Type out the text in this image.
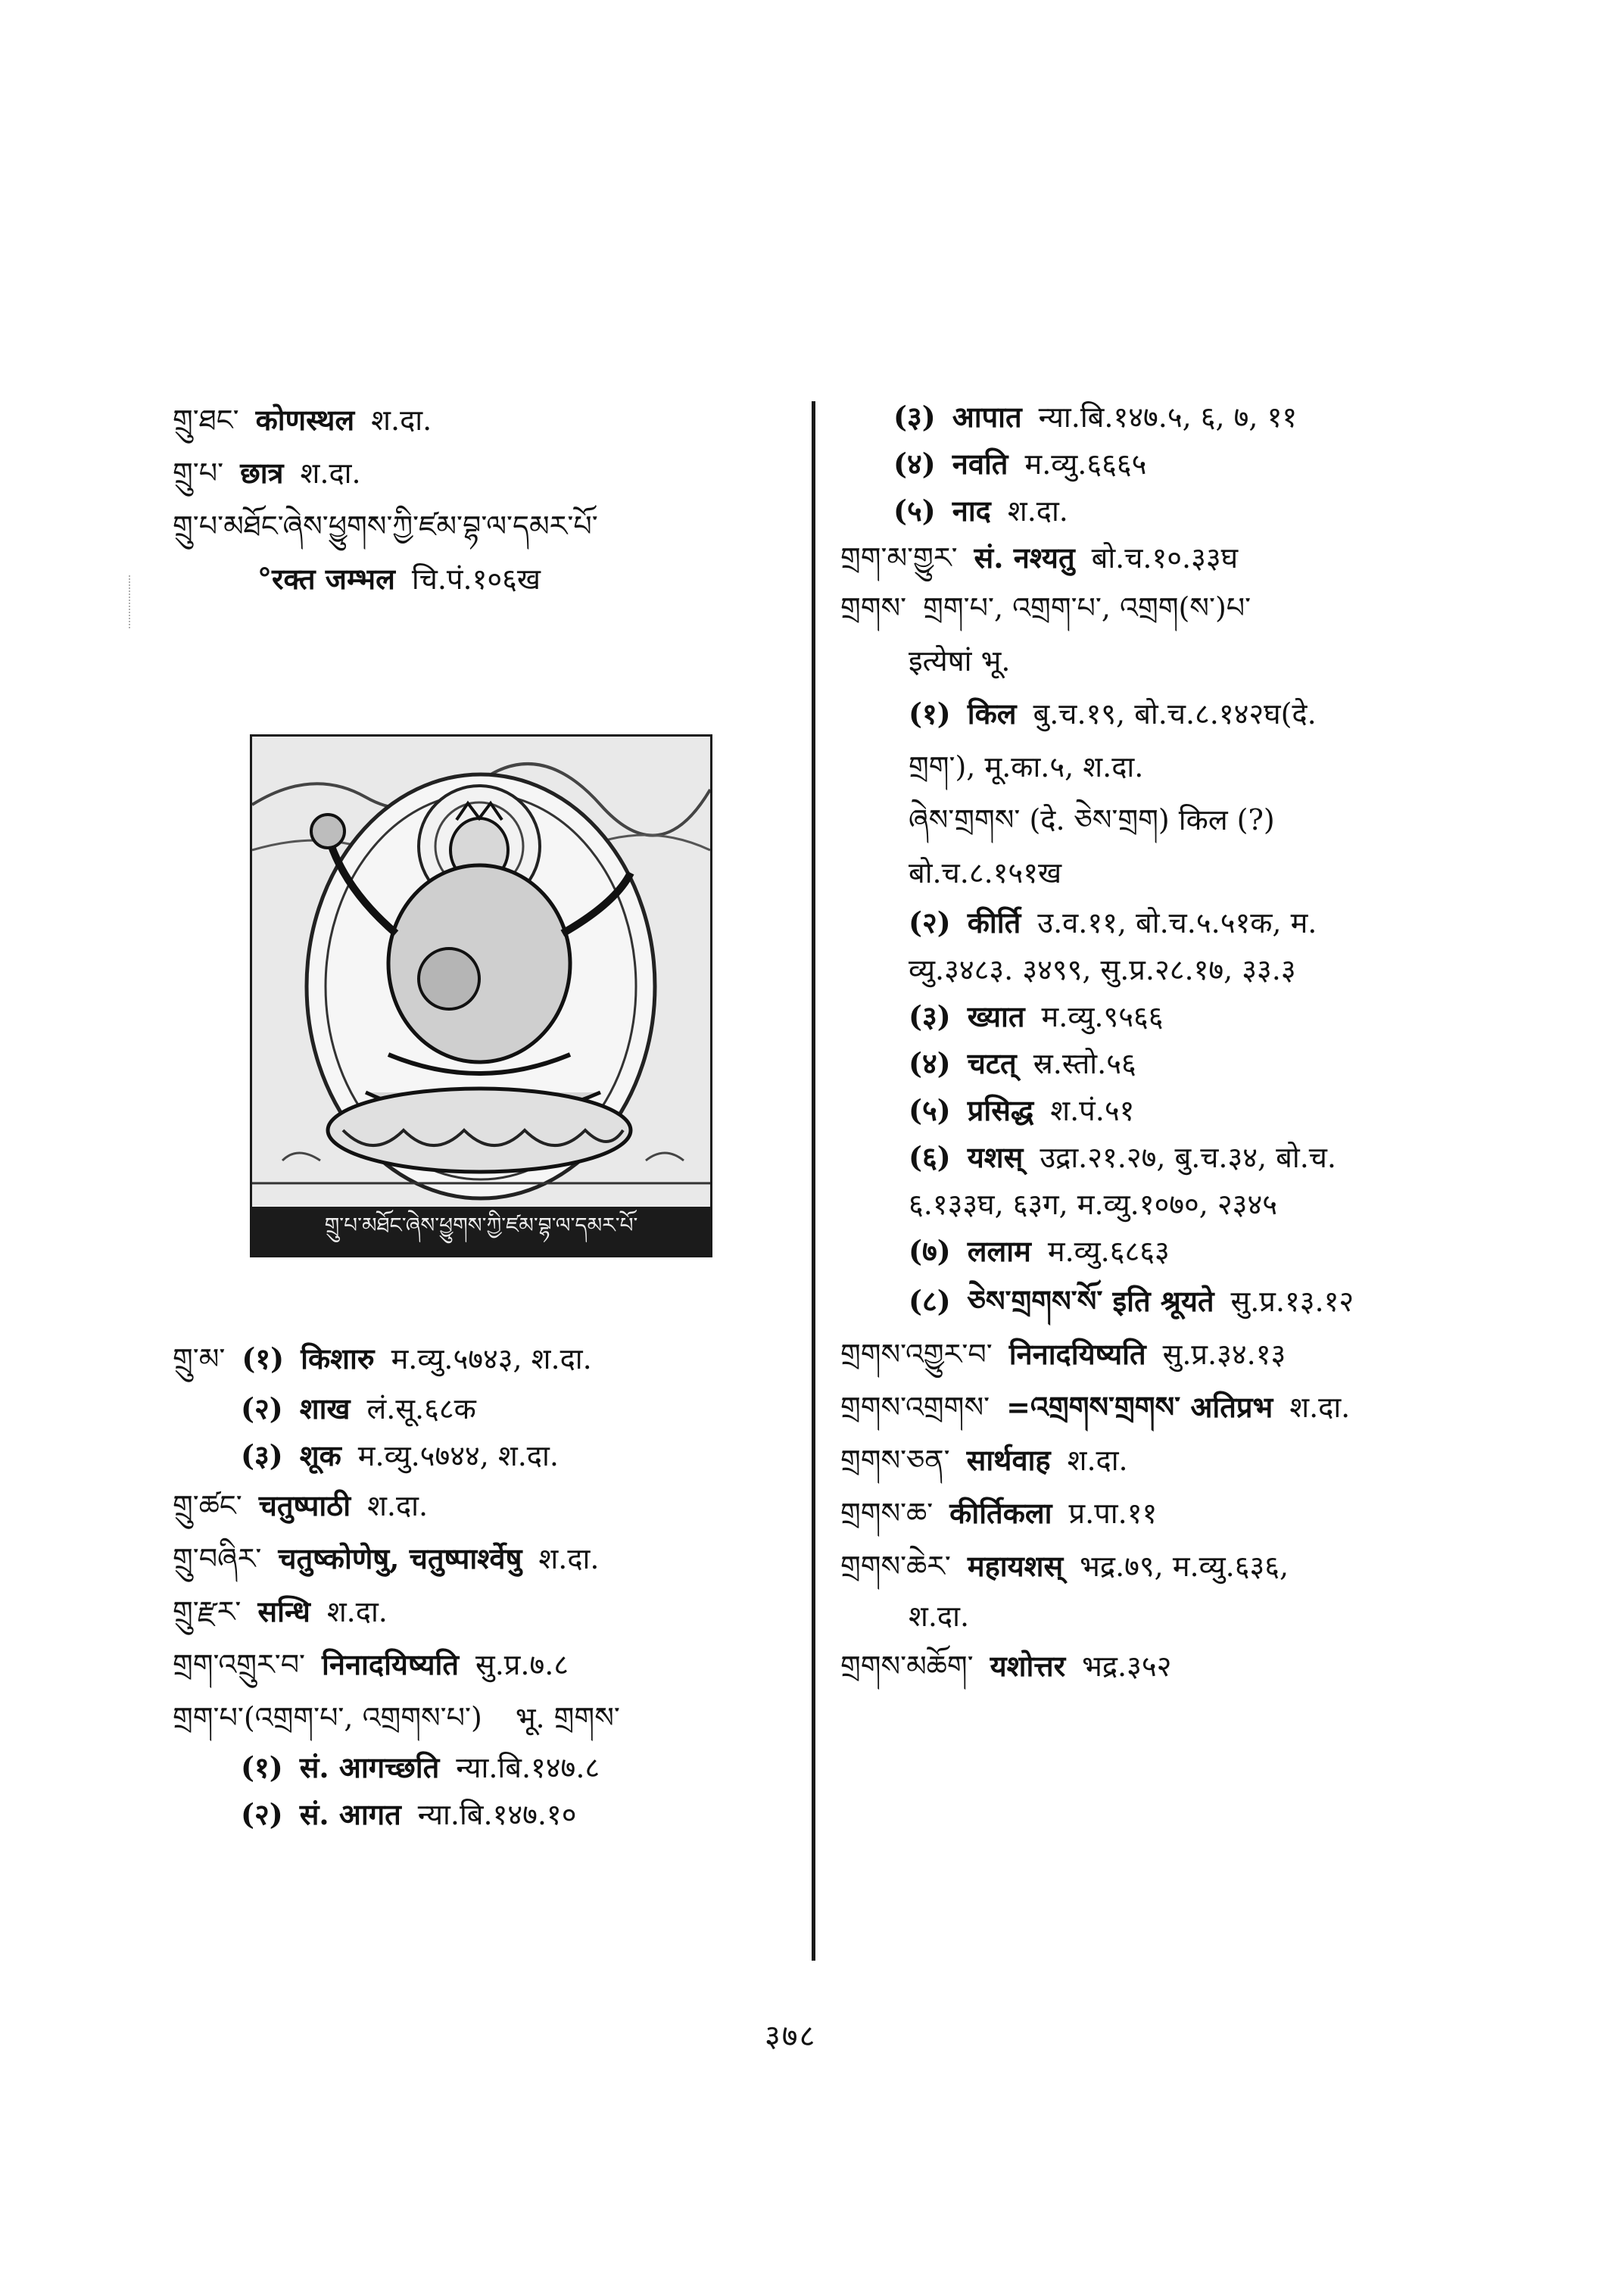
གྲུ་ཐང་ कोणस्थल श.दा.
གྲུ་པ་ छात्र श.दा.
གྲུ་པ་མཐོང་ཞེས་ཕྱུགས་ཀྱི་ཛམ་བྷ་ལ་དམར་པོ་
°रक्त जम्भल चि.पं.१०६ख
གྲུ་པ་མཐོང་ཞེས་ཕྱུགས་ཀྱི་ཛམ་བྷ་ལ་དམར་པོ་
གྲུ་མ་ (१) किशारु म.व्यु.५७४३, श.दा.
(२) शाख लं.सू.६८क
(३) शूक म.व्यु.५७४४, श.दा.
གྲུ་ཚང་ चतुष्पाठी श.दा.
གྲུ་བཞིར་ चतुष्कोणेषु, चतुष्पार्श्वेषु श.दा.
གྲུ་རྫར་ सन्धि श.दा.
གྲག་འགྲུར་བ་ निनादयिष्यति सु.प्र.७.८
གྲག་པ་(འགྲག་པ་, འགྲགས་པ་) भू. གྲགས་
(१) सं. आगच्छति न्या.बि.१४७.८
(२) सं. आगत न्या.बि.१४७.१०
(३) आपात न्या.बि.१४७.५, ६, ७, ११
(४) नवति म.व्यु.६६६५
(५) नाद श.दा.
གྲག་མ་གྱུར་ सं. नश्यतु बो.च.१०.३३घ
གྲགས་ གྲག་པ་, འགྲག་པ་, འགྲག(ས་)པ་
इत्येषां भू.
(१) किल बु.च.१९, बो.च.८.१४२घ(दे.
གྲག་), मू.का.५, श.दा.
ཞེས་གྲགས་ (दे. ཅེས་གྲག) किल (?)
बो.च.८.१५१ख
(२) कीर्ति उ.व.११, बो.च.५.५१क, म.
व्यु.३४८३. ३४९९, सु.प्र.२८.१७, ३३.३
(३) ख्यात म.व्यु.९५६६
(४) चटत् स्र.स्तो.५६
(५) प्रसिद्ध श.पं.५१
(६) यशस् उद्रा.२१.२७, बु.च.३४, बो.च.
६.१३३घ, ६३ग, म.व्यु.१०७०, २३४५
(७) ललाम म.व्यु.६८६३
(८) ཅེས་གྲགས་སོ་ इति श्रूयते सु.प्र.१३.१२
གྲགས་འགྱུར་བ་ निनादयिष्यति सु.प्र.३४.१३
གྲགས་འགྲགས་ =འགྲགས་གྲགས་ अतिप्रभ श.दा.
གྲགས་ཅན་ सार्थवाह श.दा.
གྲགས་ཆ་ कीर्तिकला प्र.पा.११
གྲགས་ཆེར་ महायशस् भद्र.७९, म.व्यु.६३६,
श.दा.
གྲགས་མཆོག་ यशोत्तर भद्र.३५२
३७८
